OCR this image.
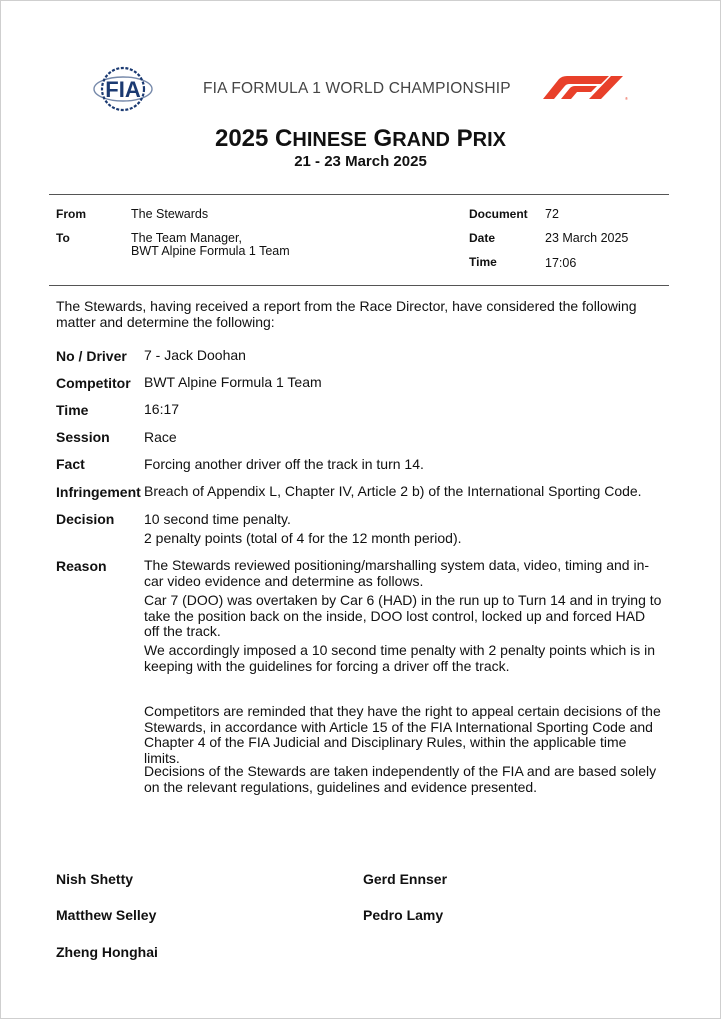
FIA	FIA FORMULA 1 WORLD CHAMPIONSHIP
®
2025 CHINESE GRAND PRIX
21 - 23 March 2025
From	The Stewards
To	The Team Manager,
BWT Alpine Formula 1 Team
Document 72
Date	23 March 2025
Time	17:06
The Stewards, having received a report from the Race Director, have considered the following matter and determine the following:
No / Driver 7 - Jack Doohan
Competitor BWT Alpine Formula 1 Team
Time	16:17
Session Race
Fact	Forcing another driver off the track in turn 14.
Infringement Breach of Appendix L, Chapter IV, Article 2 b) of the International Sporting Code.
Decision 10 second time penalty.
2 penalty points (total of 4 for the 12 month period).
Reason	The Stewards reviewed positioning/marshalling system data, video, timing and in-car video evidence and determine as follows.
Car 7 (DOO) was overtaken by Car 6 (HAD) in the run up to Turn 14 and in trying to take the position back on the inside, DOO lost control, locked up and forced HAD off the track.
We accordingly imposed a 10 second time penalty with 2 penalty points which is in keeping with the guidelines for forcing a driver off the track.
Competitors are reminded that they have the right to appeal certain decisions of the Stewards, in accordance with Article 15 of the FIA International Sporting Code and Chapter 4 of the FIA Judicial and Disciplinary Rules, within the applicable time limits.
Decisions of the Stewards are taken independently of the FIA and are based solely on the relevant regulations, guidelines and evidence presented.
Nish Shetty	Gerd Ennser
Matthew Selley	Pedro Lamy
Zheng Honghai
